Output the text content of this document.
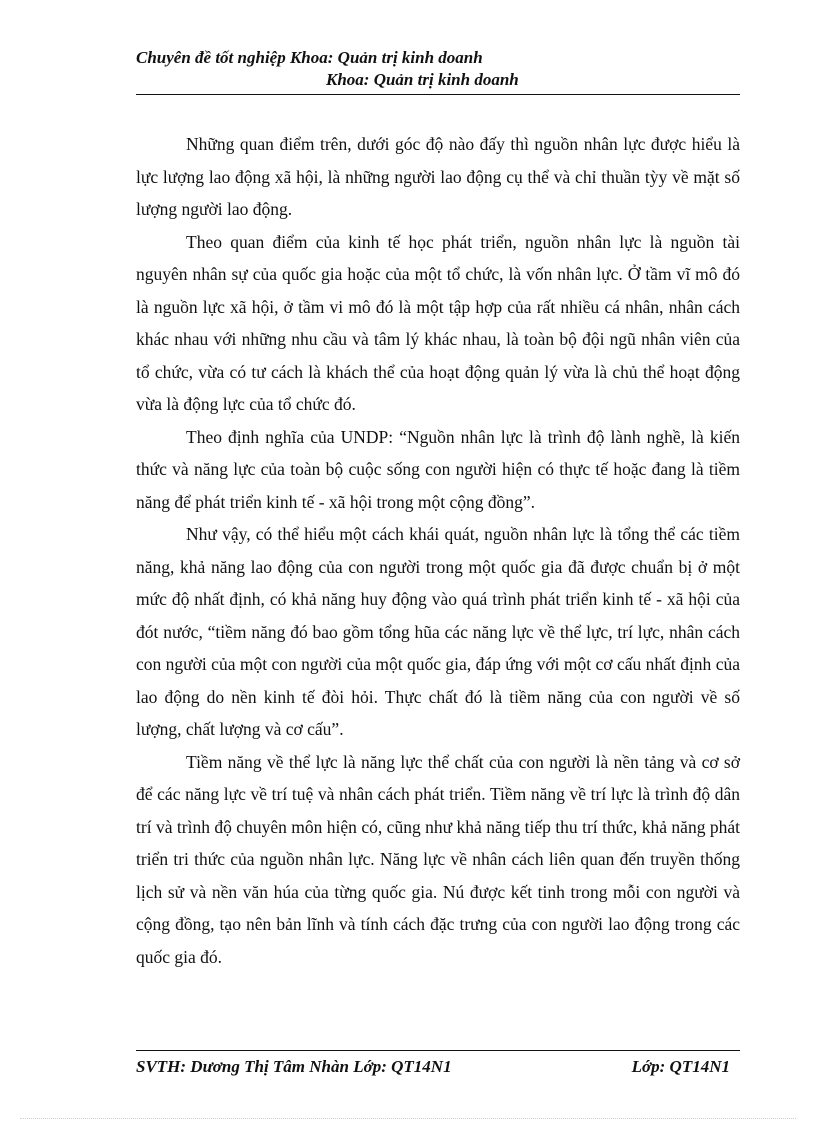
Chuyên đề tốt nghiệp Khoa: Quản trị kinh doanh
Khoa: Quản trị kinh doanh

Những quan điểm trên, dưới góc độ nào đấy thì nguồn nhân lực được hiểu là lực lượng lao động xã hội, là những người lao động cụ thể và chỉ thuần tỳy về mặt số lượng người lao động.

Theo quan điểm của kinh tế học phát triển, nguồn nhân lực là nguồn tài nguyên nhân sự của quốc gia hoặc của một tổ chức, là vốn nhân lực. Ở tầm vĩ mô đó là nguồn lực xã hội, ở tầm vi mô đó là một tập hợp của rất nhiều cá nhân, nhân cách khác nhau với những nhu cầu và tâm lý khác nhau, là toàn bộ đội ngũ nhân viên của tổ chức, vừa có tư cách là khách thể của hoạt động quản lý vừa là chủ thể hoạt động vừa là động lực của tổ chức đó.

Theo định nghĩa của UNDP: “Nguồn nhân lực là trình độ lành nghề, là kiến thức và năng lực của toàn bộ cuộc sống con người hiện có thực tế hoặc đang là tiềm năng để phát triển kinh tế - xã hội trong một cộng đồng”.

Như vậy, có thể hiểu một cách khái quát, nguồn nhân lực là tổng thể các tiềm năng, khả năng lao động của con người trong một quốc gia đã được chuẩn bị ở một mức độ nhất định, có khả năng huy động vào quá trình phát triển kinh tế - xã hội của đót nước, “tiềm năng đó bao gồm tổng hũa các năng lực về thể lực, trí lực, nhân cách con người của một con người của một quốc gia, đáp ứng với một cơ cấu nhất định của lao động do nền kinh tế đòi hỏi. Thực chất đó là tiềm năng của con người về số lượng, chất lượng và cơ cấu”.

Tiềm năng về thể lực là năng lực thể chất của con người là nền tảng và cơ sở để các năng lực về trí tuệ và nhân cách phát triển. Tiềm năng về trí lực là trình độ dân trí và trình độ chuyên môn hiện có, cũng như khả năng tiếp thu trí thức, khả năng phát triển tri thức của nguồn nhân lực. Năng lực về nhân cách liên quan đến truyền thống lịch sử và nền văn húa của từng quốc gia. Nú được kết tinh trong mỗi con người và cộng đồng, tạo nên bản lĩnh và tính cách đặc trưng của con người lao động trong các quốc gia đó.

SVTH: Dương Thị Tâm Nhàn Lớp: QT14N1	Lớp: QT14N1
